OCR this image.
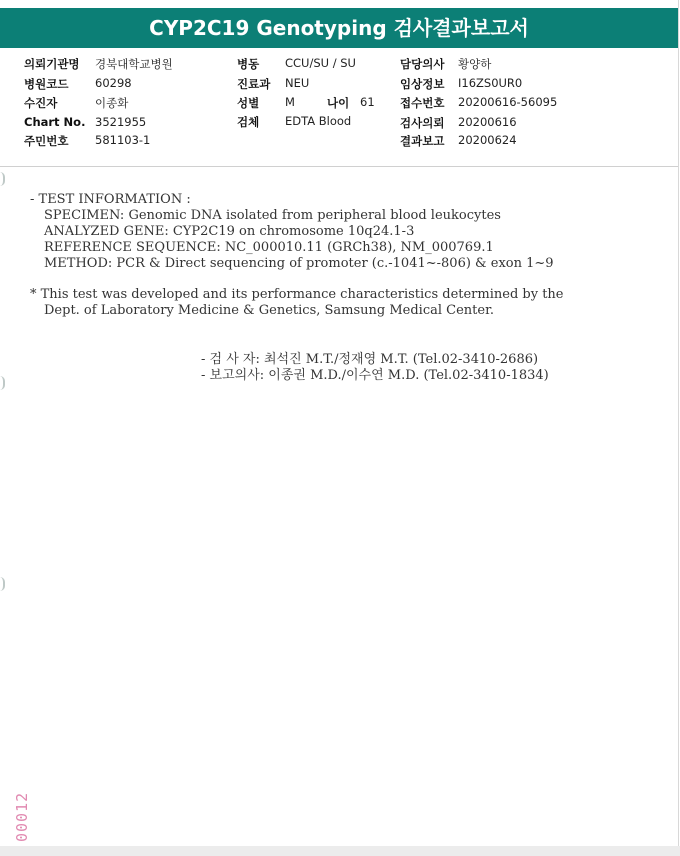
CYP2C19 Genotyping 검사결과보고서
의뢰기관명 경북대학교병원
병원코드 60298
수진자	이종화
Chart No. 3521955
주민번호 581103-1
병동 CCU/SU / SU
진료과 NEU
성별 M	나이 61
검체 EDTA Blood
담당의사 황양하
임상정보 I16ZS0UR0
접수번호 20200616-56095
검사의뢰 20200616
결과보고 20200624

- TEST INFORMATION :

SPECIMEN: Genomic DNA isolated from peripheral blood leukocytes

ANALYZED GENE: CYP2C19 on chromosome 10q24.1-3

REFERENCE SEQUENCE: NC_000010.11 (GRCh38), NM_000769.1

METHOD: PCR & Direct sequencing of promoter (c.-1041~-806) & exon 1~9

* This test was developed and its performance characteristics determined by the

Dept. of Laboratory Medicine & Genetics, Samsung Medical Center.

- 검 사 자: 최석진 M.T./정재영 M.T. (Tel.02-3410-2686)

- 보고의사: 이종권 M.D./이수연 M.D. (Tel.02-3410-1834)

00012
